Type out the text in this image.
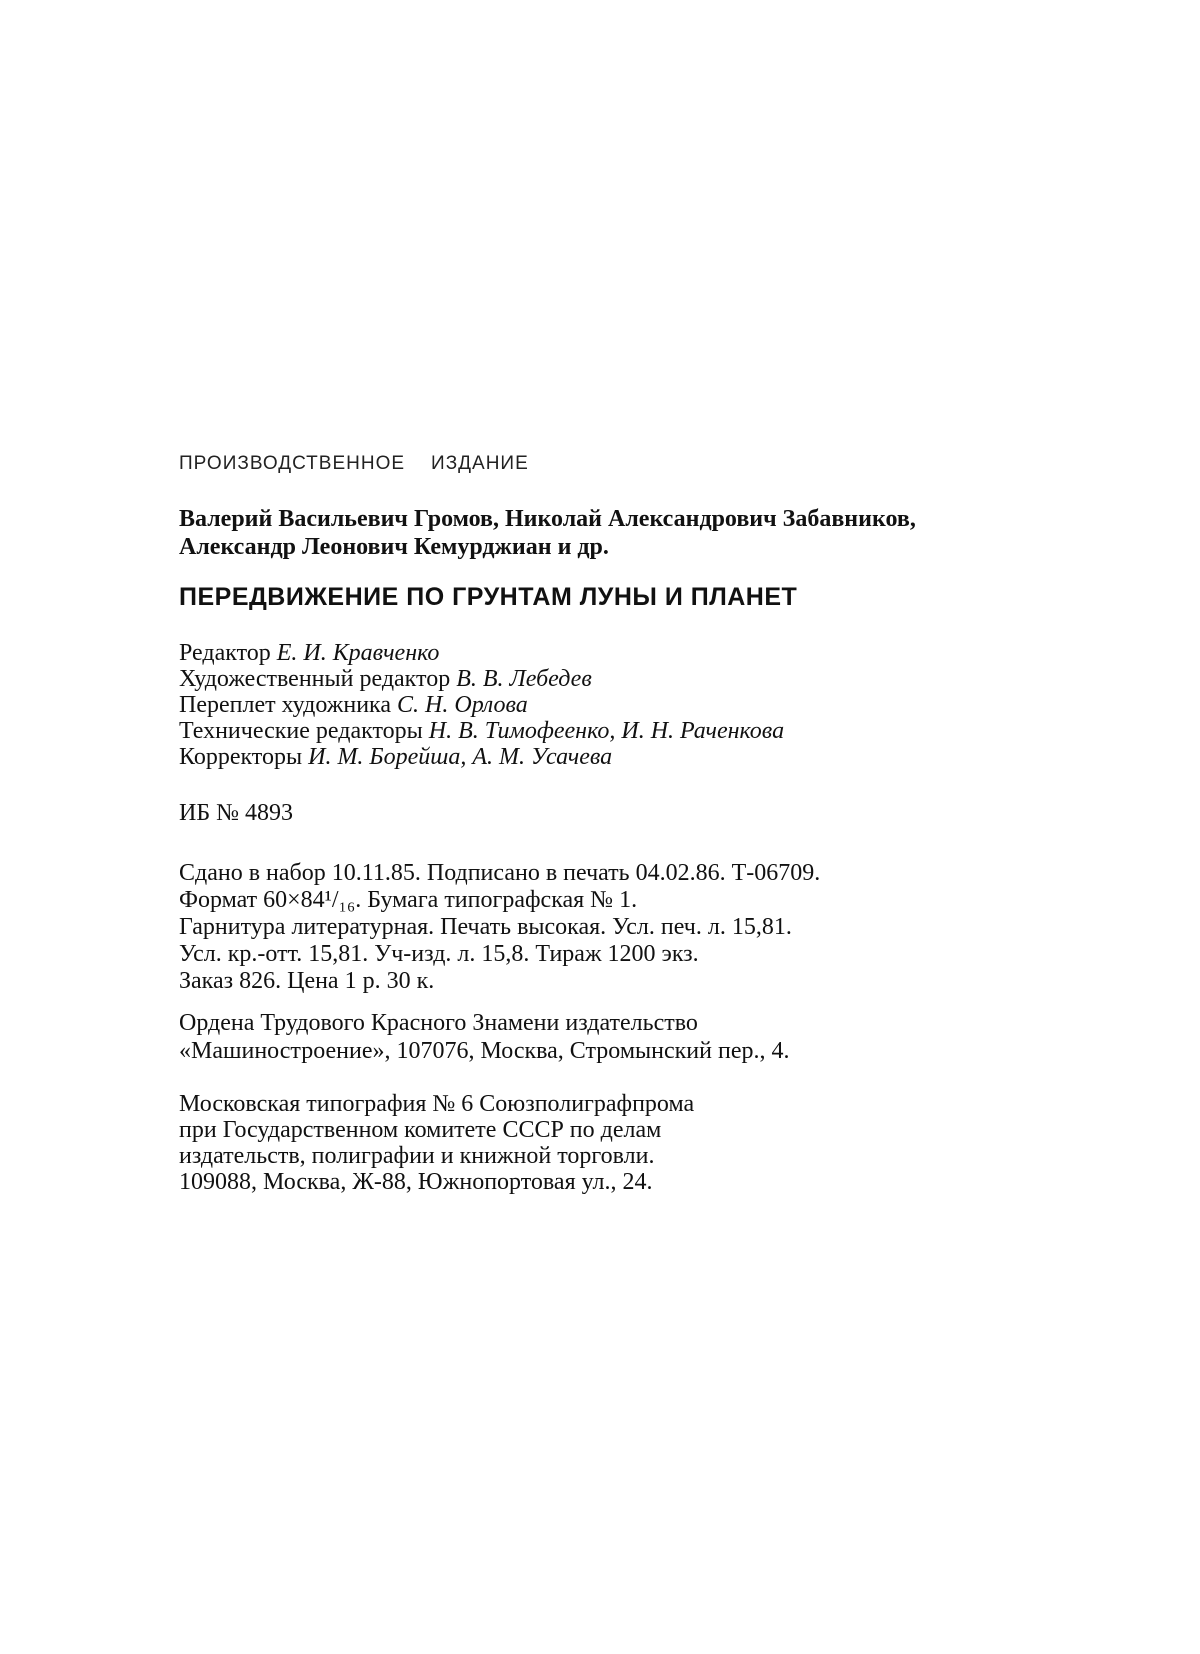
ПРОИЗВОДСТВЕННОЕ ИЗДАНИЕ
Валерий Васильевич Громов, Николай Александрович Забавников,
Александр Леонович Кемурджиан и др.
ПЕРЕДВИЖЕНИЕ ПО ГРУНТАМ ЛУНЫ И ПЛАНЕТ
Редактор Е. И. Кравченко
Художественный редактор В. В. Лебедев
Переплет художника С. Н. Орлова
Технические редакторы Н. В. Тимофеенко, И. Н. Раченкова
Корректоры И. М. Борейша, А. М. Усачева
ИБ № 4893
Сдано в набор 10.11.85. Подписано в печать 04.02.86. Т-06709.
Формат 60×84¹/₁₆. Бумага типографская № 1.
Гарнитура литературная. Печать высокая. Усл. печ. л. 15,81.
Усл. кр.-отт. 15,81. Уч-изд. л. 15,8. Тираж 1200 экз.
Заказ 826. Цена 1 р. 30 к.
Ордена Трудового Красного Знамени издательство
«Машиностроение», 107076, Москва, Стромынский пер., 4.
Московская типография № 6 Союзполиграфпрома
при Государственном комитете СССР по делам
издательств, полиграфии и книжной торговли.
109088, Москва, Ж-88, Южнопортовая ул., 24.
